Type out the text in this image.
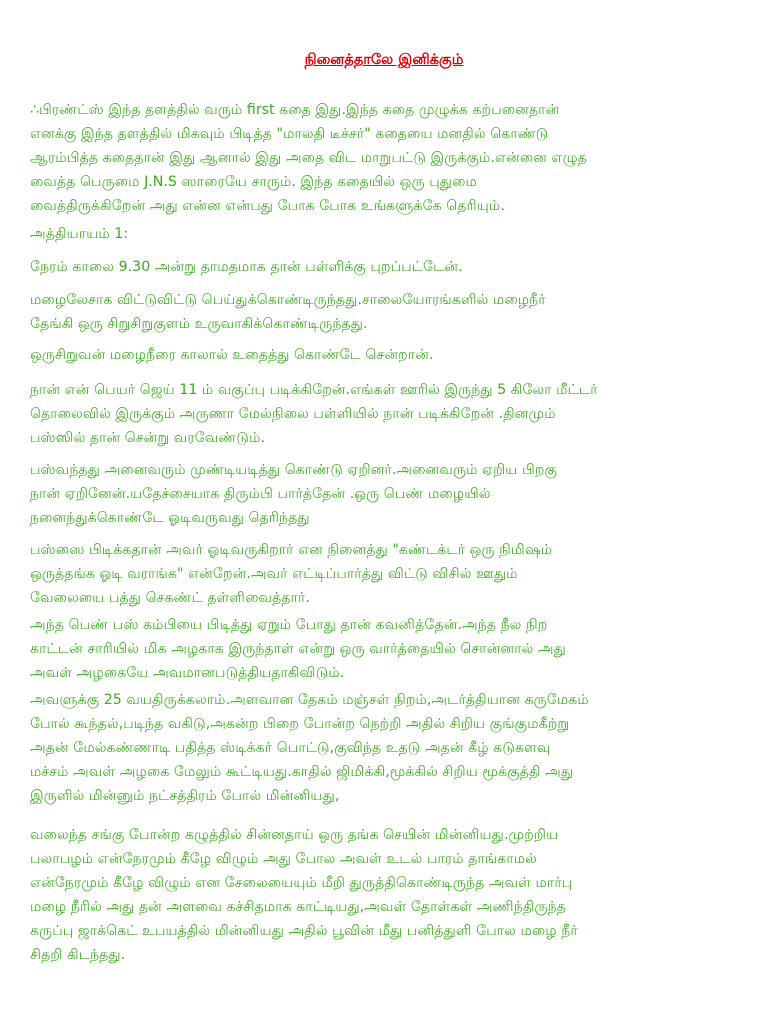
நினைத்தாலே இனிக்கும்
∴பிரண்ட்ஸ் இந்த தளத்தில் வரும் first கதை இது.இந்த கதை முழுக்க கற்பனைதான்
எனக்கு இந்த தளத்தில் மிகவும் பிடித்த "மாலதி டீச்சர்" கதையை மனதில் கொண்டு
ஆரம்பித்த கதைதான் இது ஆனால் இது அதை விட மாறுபட்டு இருக்கும்.என்னை எழுத
வைத்த பெருமை J.N.S ஸாரையே சாரும். இந்த கதையில் ஒரு புதுமை
வைத்திருக்கிறேன் அது என்ன என்பது போக போக உங்களுக்கே தெரியும்.
அத்தியாயம் 1:
நேரம் காலை 9.30 அன்று தாமதமாக தான் பள்ளிக்கு புறப்பட்டேன்.
மழைலேசாக விட்டுவிட்டு பெய்துக்கொண்டிருந்தது.சாலையோரங்களில் மழைநீர்
தேங்கி ஒரு சிறுசிறுகுளம் உருவாகிக்கொண்டிருந்தது.
ஒருசிறுவன் மழைநீரை காலால் உதைத்து கொண்டே சென்றான்.
நான் என் பெயர் ஜெய் 11 ம் வகுப்பு படிக்கிறேன்.எங்கள் ஊரில் இருந்து 5 கிலோ மீட்டர்
தொலைவில் இருக்கும் அருணா மேல்நிலை பள்ளியில் நான் படிக்கிறேன் .தினமும்
பஸ்ஸில் தான் சென்று வரவேண்டும்.
பஸ்வந்தது அனைவரும் முண்டியடித்து கொண்டு ஏறினர்.அனைவரும் ஏறிய பிறகு
நான் ஏறினேன்.யதேச்சையாக திரும்பி பார்த்தேன் .ஒரு பெண் மழையில்
நனைந்துக்கொண்டே ஓடிவருவது தெரிந்தது
பஸ்ஸை பிடிக்கதான் அவர் ஓடிவருகிறார் என நினைத்து "கண்டக்டர் ஒரு நிமிஷம்
ஒருத்தங்க ஓடி வராங்க" என்றேன்.அவர் எட்டிப்பார்த்து விட்டு விசில் ஊதும்
வேலையை பத்து செகண்ட் தள்ளிவைத்தார்.
அந்த பெண் பஸ் கம்பியை பிடித்து ஏறும் போது தான் கவனித்தேன்.அந்த நீல நிற
காட்டன் சாரியில் மிக அழகாக இருந்தாள் என்று ஒரு வார்த்தையில் சொன்னால் அது
அவள் அழகையே அவமானபடுத்தியதாகிவிடும்.
அவளுக்கு 25 வயதிருக்கலாம்.அளவான தேகம் மஞ்சள் நிறம்,அடர்த்தியான கருமேகம்
போல் கூந்தல்,படிந்த வகிடு,அகன்ற பிறை போன்ற நெற்றி அதில் சிறிய குங்குமகீற்று
அதன் மேல்கண்ணாடி பதித்த ஸ்டிக்கர் பொட்டு,குவிந்த உதடு அதன் கீழ் கடுகளவு
மச்சம் அவள் அழகை மேலும் கூட்டியது.காதில் ஜிமிக்கி,மூக்கில் சிறிய மூக்குத்தி அது
இருளில் மின்னும் நட்சத்திரம் போல் மின்னியது,
வலைந்த சங்கு போன்ற கழுத்தில் சின்னதாய் ஒரு தங்க செயின் மின்னியது.முற்றிய
பலாபழம் என்நேரமும் கீழே விழும் அது போல அவள் உடல் பாரம் தாங்காமல்
என்நேரமும் கீழே விழும் என சேலையையும் மீறி துருத்திகொண்டிருந்த அவள் மார்பு
மழை நீரில் அது தன் அளவை கச்சிதமாக காட்டியது,அவள் தோள்கள் அணிந்திருந்த
கருப்பு ஜாக்கெட் உபயத்தில் மின்னியது அதில் பூவின் மீது பனித்துளி போல மழை நீர்
சிதறி கிடந்தது.
